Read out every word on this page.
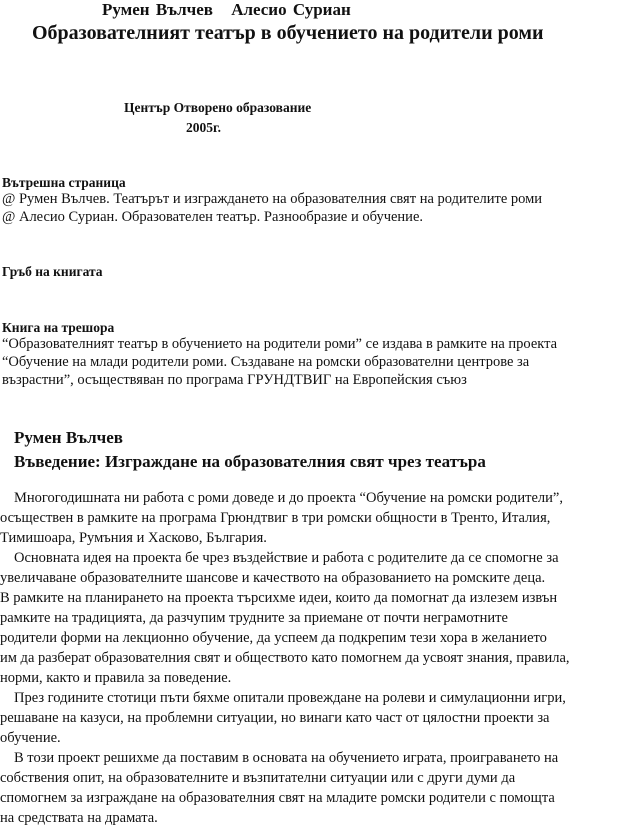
Румен Вълчев Алесио Суриан
Образователният театър в обучението на родители роми
Център Отворено образование
2005г.
Вътрешна страница
@ Румен Вълчев. Театърът и изграждането на образователния свят на родителите роми
@ Алесио Суриан. Образователен театър. Разнообразие и обучение.
Гръб на книгата
Книга на трешора
“Образователният театър в обучението на родители роми” се издава в рамките на проекта
“Обучение на млади родители роми. Създаване на ромски образователни центрове за
възрастни”, осъществяван по програма ГРУНДТВИГ на Европейския съюз
Румен Вълчев
Въведение: Изграждане на образователния свят чрез театъра
Многогодишната ни работа с роми доведе и до проекта “Обучение на ромски родители”,
осъществен в рамките на програма Грюндтвиг в три ромски общности в Тренто, Италия,
Тимишоара, Румъния и Хасково, България.
Основната идея на проекта бе чрез въздействие и работа с родителите да се спомогне за
увеличаване образователните шансове и качеството на образованието на ромските деца.
В рамките на планирането на проекта търсихме идеи, които да помогнат да излезем извън
рамките на традицията, да разчупим трудните за приемане от почти неграмотните
родители форми на лекционно обучение, да успеем да подкрепим тези хора в желанието
им да разберат образователния свят и обществото като помогнем да усвоят знания, правила,
норми, както и правила за поведение.
През годините стотици пъти бяхме опитали провеждане на ролеви и симулационни игри,
решаване на казуси, на проблемни ситуации, но винаги като част от цялостни проекти за
обучение.
В този проект решихме да поставим в основата на обучението играта, проиграването на
собствения опит, на образователните и възпитателни ситуации или с други думи да
спомогнем за изграждане на образователния свят на младите ромски родители с помощта
на средствата на драмата.
